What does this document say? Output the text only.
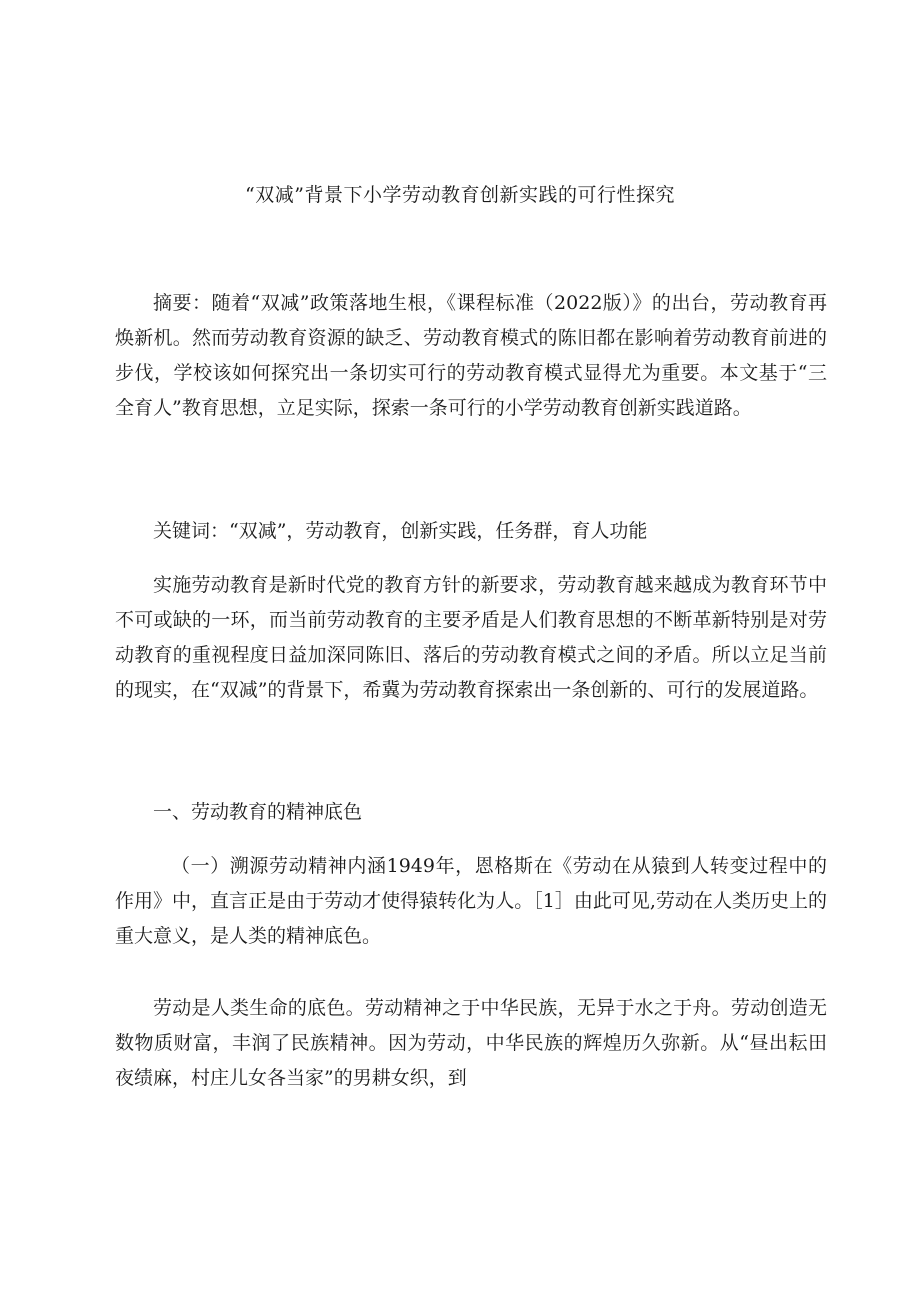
“双减”背景下小学劳动教育创新实践的可行性探究

摘要：随着“双减”政策落地生根，《课程标准（2022版）》的出台，劳动教育再焕新机。然而劳动教育资源的缺乏、劳动教育模式的陈旧都在影响着劳动教育前进的步伐，学校该如何探究出一条切实可行的劳动教育模式显得尤为重要。本文基于“三全育人”教育思想，立足实际，探索一条可行的小学劳动教育创新实践道路。

关键词：“双减”，劳动教育，创新实践，任务群，育人功能

实施劳动教育是新时代党的教育方针的新要求，劳动教育越来越成为教育环节中不可或缺的一环，而当前劳动教育的主要矛盾是人们教育思想的不断革新特别是对劳动教育的重视程度日益加深同陈旧、落后的劳动教育模式之间的矛盾。所以立足当前的现实，在“双减”的背景下，希冀为劳动教育探索出一条创新的、可行的发展道路。

一、劳动教育的精神底色

（一）溯源劳动精神内涵1949年，恩格斯在《劳动在从猿到人转变过程中的作用》中，直言正是由于劳动才使得猿转化为人。［1］由此可见,劳动在人类历史上的重大意义，是人类的精神底色。

劳动是人类生命的底色。劳动精神之于中华民族，无异于水之于舟。劳动创造无数物质财富，丰润了民族精神。因为劳动，中华民族的辉煌历久弥新。从“昼出耘田夜绩麻，村庄儿女各当家”的男耕女织，到
